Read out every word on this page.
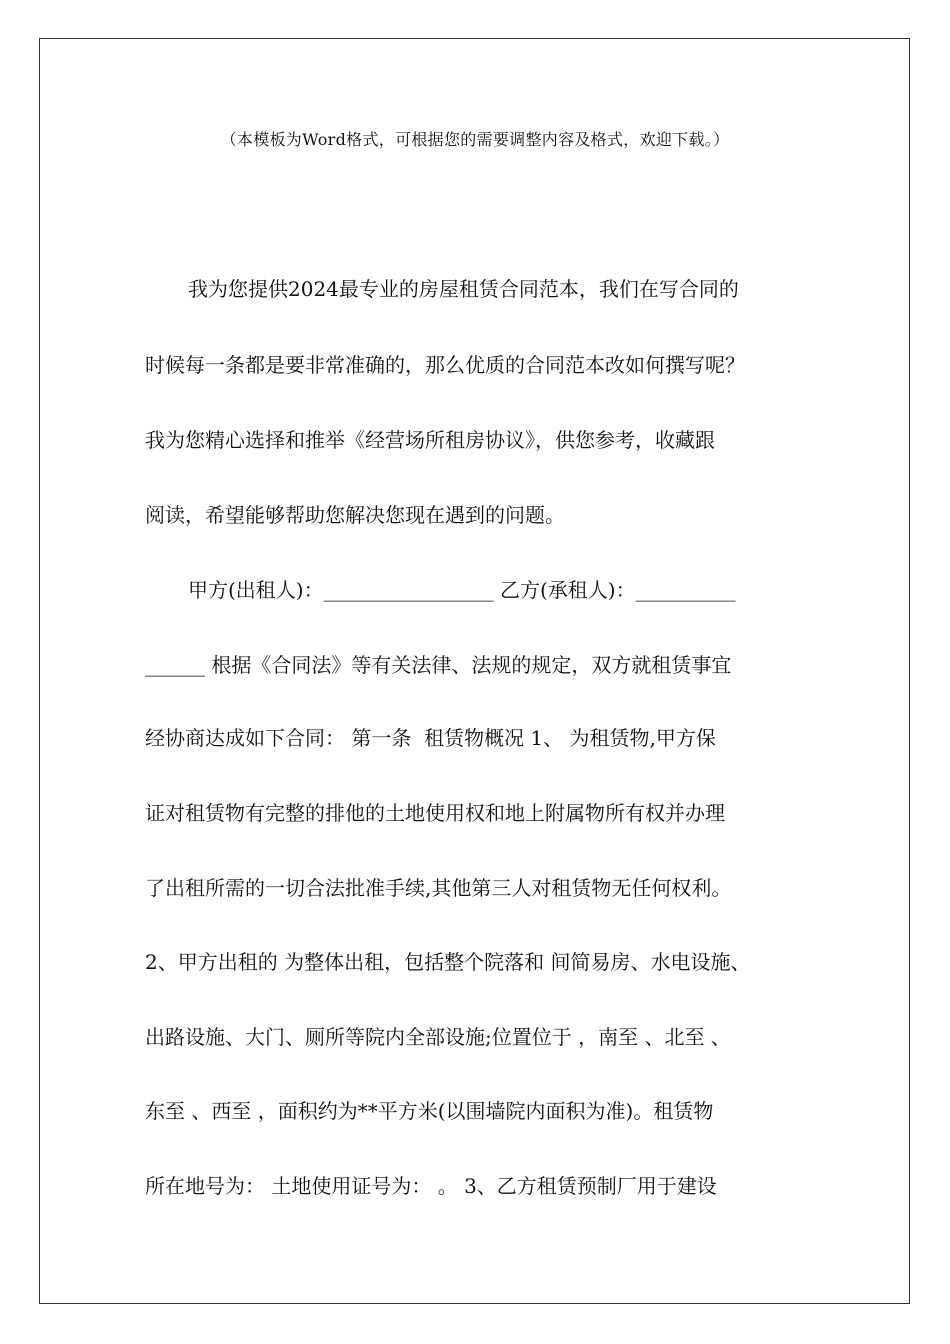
（本模板为Word格式，可根据您的需要调整内容及格式，欢迎下载。）
我为您提供2024最专业的房屋租赁合同范本，我们在写合同的
时候每一条都是要非常准确的，那么优质的合同范本改如何撰写呢？
我为您精心选择和推举《经营场所租房协议》，供您参考，收藏跟
阅读，希望能够帮助您解决您现在遇到的问题。
甲方(出租人)：_________________ 乙方(承租人)：__________
______ 根据《合同法》等有关法律、法规的规定，双方就租赁事宜
经协商达成如下合同： 第一条  租赁物概况 1、 为租赁物,甲方保
证对租赁物有完整的排他的土地使用权和地上附属物所有权并办理
了出租所需的一切合法批准手续,其他第三人对租赁物无任何权利。
2、甲方出租的 为整体出租，包括整个院落和 间简易房、水电设施、
出路设施、大门、厕所等院内全部设施;位置位于 ，南至 、北至 、
东至 、西至 ，面积约为**平方米(以围墙院内面积为准)。租赁物
所在地号为： 土地使用证号为： 。 3、乙方租赁预制厂用于建设
